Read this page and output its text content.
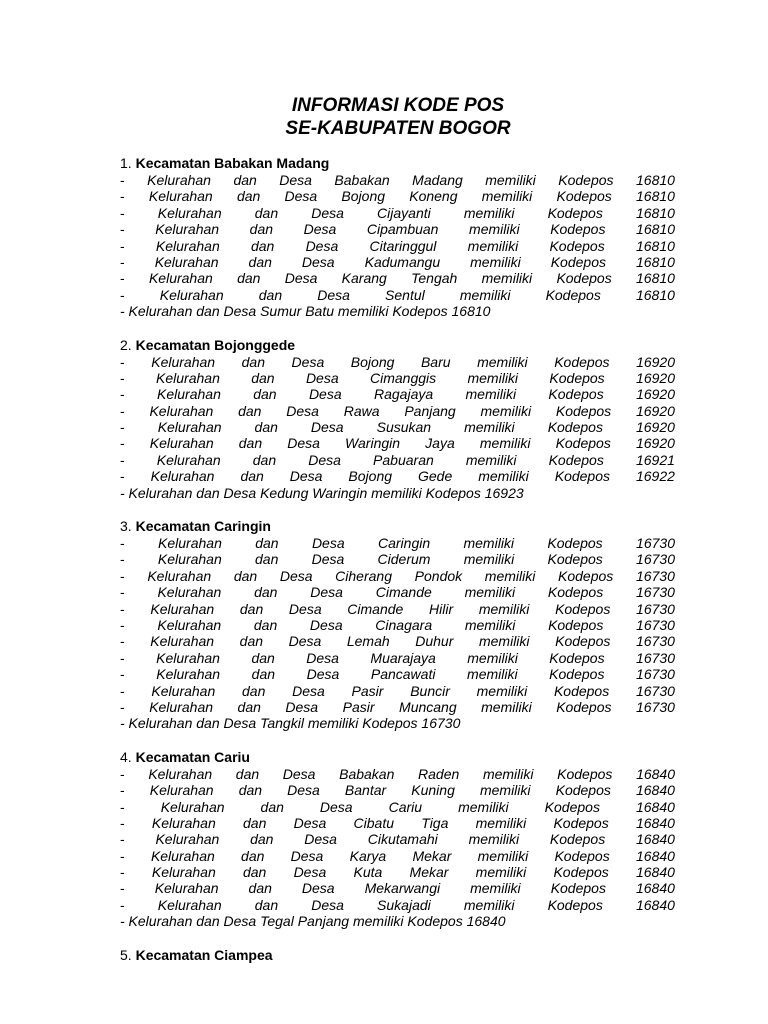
INFORMASI KODE POS
SE-KABUPATEN BOGOR
1. Kecamatan Babakan Madang
- Kelurahan dan Desa Babakan Madang memiliki Kodepos 16810
- Kelurahan dan Desa Bojong Koneng memiliki Kodepos 16810
- Kelurahan dan Desa Cijayanti memiliki Kodepos 16810
- Kelurahan dan Desa Cipambuan memiliki Kodepos 16810
- Kelurahan dan Desa Citaringgul memiliki Kodepos 16810
- Kelurahan dan Desa Kadumangu memiliki Kodepos 16810
- Kelurahan dan Desa Karang Tengah memiliki Kodepos 16810
-	Kelurahan	dan	Desa	Sentul	memiliki	Kodepos	16810
- Kelurahan dan Desa Sumur Batu memiliki Kodepos 16810
2. Kecamatan Bojonggede
- Kelurahan dan Desa Bojong Baru memiliki Kodepos 16920
- Kelurahan dan Desa Cimanggis memiliki Kodepos 16920
- Kelurahan dan Desa Ragajaya memiliki Kodepos 16920
- Kelurahan dan Desa Rawa Panjang memiliki Kodepos 16920
- Kelurahan dan Desa Susukan memiliki Kodepos 16920
- Kelurahan dan Desa Waringin Jaya memiliki Kodepos 16920
- Kelurahan dan Desa Pabuaran memiliki Kodepos 16921
- Kelurahan dan Desa Bojong Gede memiliki Kodepos 16922
- Kelurahan dan Desa Kedung Waringin memiliki Kodepos 16923
3. Kecamatan Caringin
- Kelurahan dan Desa Caringin memiliki Kodepos 16730
- Kelurahan dan Desa Ciderum memiliki Kodepos 16730
- Kelurahan dan Desa Ciherang Pondok memiliki Kodepos 16730
- Kelurahan dan Desa Cimande memiliki Kodepos 16730
- Kelurahan dan Desa Cimande Hilir memiliki Kodepos 16730
- Kelurahan dan Desa Cinagara memiliki Kodepos 16730
- Kelurahan dan Desa Lemah Duhur memiliki Kodepos 16730
- Kelurahan dan Desa Muarajaya memiliki Kodepos 16730
- Kelurahan dan Desa Pancawati memiliki Kodepos 16730
- Kelurahan dan Desa Pasir Buncir memiliki Kodepos 16730
- Kelurahan dan Desa Pasir Muncang memiliki Kodepos 16730
- Kelurahan dan Desa Tangkil memiliki Kodepos 16730
4. Kecamatan Cariu
- Kelurahan dan Desa Babakan Raden memiliki Kodepos 16840
- Kelurahan dan Desa Bantar Kuning memiliki Kodepos 16840
-	Kelurahan	dan	Desa	Cariu	memiliki	Kodepos	16840
- Kelurahan dan Desa Cibatu Tiga memiliki Kodepos 16840
- Kelurahan dan Desa Cikutamahi memiliki Kodepos 16840
- Kelurahan dan Desa Karya Mekar memiliki Kodepos 16840
- Kelurahan dan Desa Kuta Mekar memiliki Kodepos 16840
- Kelurahan dan Desa Mekarwangi memiliki Kodepos 16840
- Kelurahan dan Desa Sukajadi memiliki Kodepos 16840
- Kelurahan dan Desa Tegal Panjang memiliki Kodepos 16840
5. Kecamatan Ciampea
